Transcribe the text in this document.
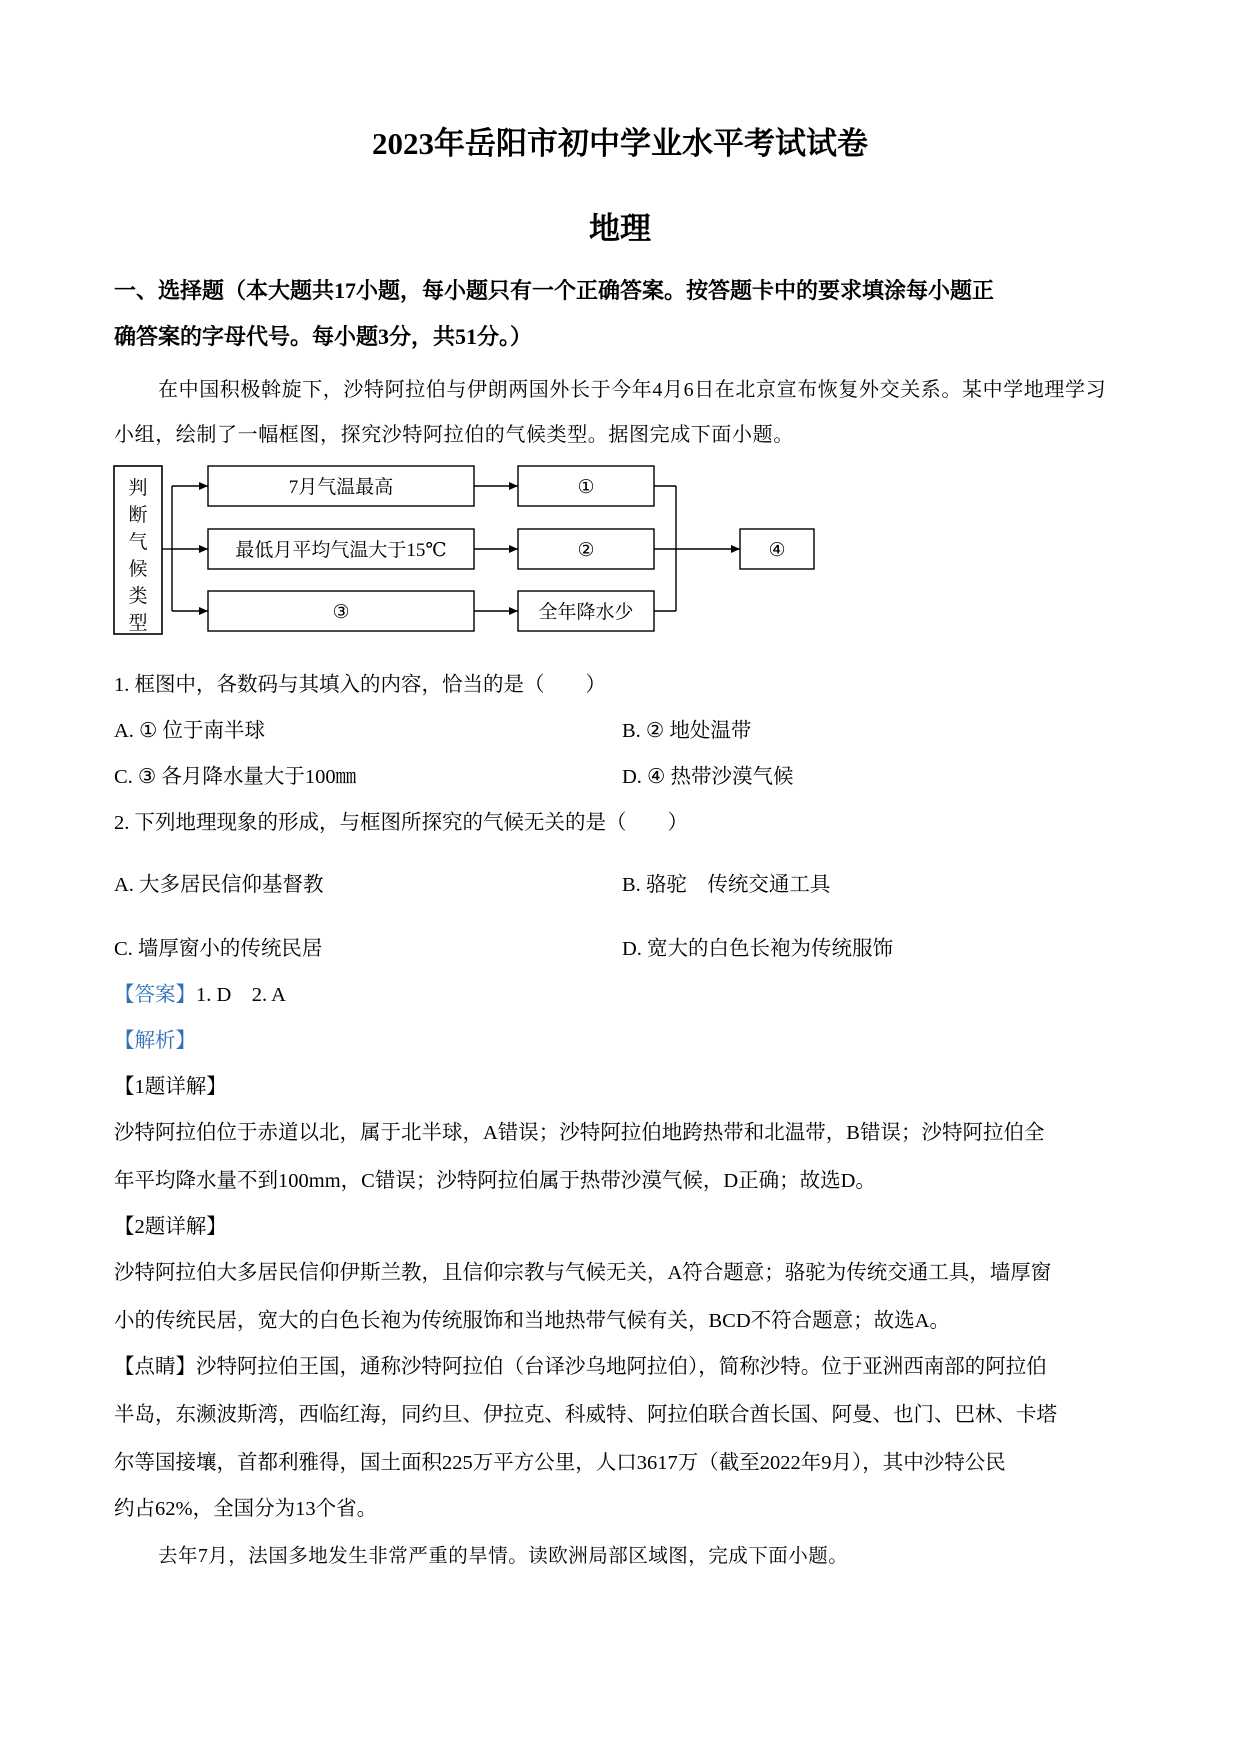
2023年岳阳市初中学业水平考试试卷
地理
一、选择题（本大题共17小题，每小题只有一个正确答案。按答题卡中的要求填涂每小题正
确答案的字母代号。每小题3分，共51分。）
在中国积极斡旋下，沙特阿拉伯与伊朗两国外长于今年4月6日在北京宣布恢复外交关系。某中学地理学习小组，绘制了一幅框图，探究沙特阿拉伯的气候类型。据图完成下面小题。
判
断
气
候
类
型
7月气温最高
最低月平均气温大于15℃
③
①
②
全年降水少
④
1. 框图中，各数码与其填入的内容，恰当的是（　　）
A. ① 位于南半球	B. ② 地处温带
C. ③ 各月降水量大于100㎜	D. ④ 热带沙漠气候
2. 下列地理现象的形成，与框图所探究的气候无关的是（　　）
A. 大多居民信仰基督教	B. 骆驼　传统交通工具
C. 墙厚窗小的传统民居	D. 宽大的白色长袍为传统服饰
【答案】1. D　2. A
【解析】
【1题详解】
沙特阿拉伯位于赤道以北，属于北半球，A错误；沙特阿拉伯地跨热带和北温带，B错误；沙特阿拉伯全
年平均降水量不到100mm，C错误；沙特阿拉伯属于热带沙漠气候，D正确；故选D。
【2题详解】
沙特阿拉伯大多居民信仰伊斯兰教，且信仰宗教与气候无关，A符合题意；骆驼为传统交通工具，墙厚窗
小的传统民居，宽大的白色长袍为传统服饰和当地热带气候有关，BCD不符合题意；故选A。
【点睛】沙特阿拉伯王国，通称沙特阿拉伯（台译沙乌地阿拉伯），简称沙特。位于亚洲西南部的阿拉伯
半岛，东濒波斯湾，西临红海，同约旦、伊拉克、科威特、阿拉伯联合酋长国、阿曼、也门、巴林、卡塔
尔等国接壤，首都利雅得，国土面积225万平方公里，人口3617万（截至2022年9月），其中沙特公民
约占62%，全国分为13个省。
去年7月，法国多地发生非常严重的旱情。读欧洲局部区域图，完成下面小题。
